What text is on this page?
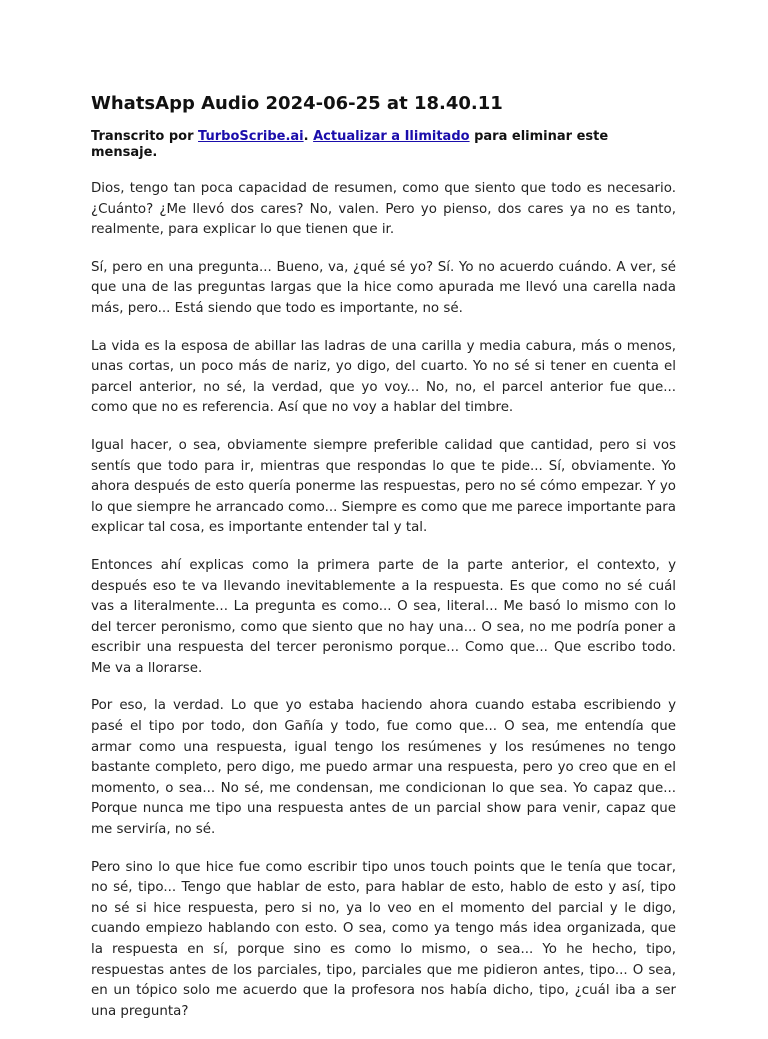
WhatsApp Audio 2024-06-25 at 18.40.11
Transcrito por TurboScribe.ai. Actualizar a Ilimitado para eliminar este mensaje.

Dios, tengo tan poca capacidad de resumen, como que siento que todo es necesario. ¿Cuánto? ¿Me llevó dos cares? No, valen. Pero yo pienso, dos cares ya no es tanto, realmente, para explicar lo que tienen que ir.

Sí, pero en una pregunta... Bueno, va, ¿qué sé yo? Sí. Yo no acuerdo cuándo. A ver, sé que una de las preguntas largas que la hice como apurada me llevó una carella nada más, pero... Está siendo que todo es importante, no sé.

La vida es la esposa de abillar las ladras de una carilla y media cabura, más o menos, unas cortas, un poco más de nariz, yo digo, del cuarto. Yo no sé si tener en cuenta el parcel anterior, no sé, la verdad, que yo voy... No, no, el parcel anterior fue que... como que no es referencia. Así que no voy a hablar del timbre.

Igual hacer, o sea, obviamente siempre preferible calidad que cantidad, pero si vos sentís que todo para ir, mientras que respondas lo que te pide... Sí, obviamente. Yo ahora después de esto quería ponerme las respuestas, pero no sé cómo empezar. Y yo lo que siempre he arrancado como... Siempre es como que me parece importante para explicar tal cosa, es importante entender tal y tal.

Entonces ahí explicas como la primera parte de la parte anterior, el contexto, y después eso te va llevando inevitablemente a la respuesta. Es que como no sé cuál vas a literalmente... La pregunta es como... O sea, literal... Me basó lo mismo con lo del tercer peronismo, como que siento que no hay una... O sea, no me podría poner a escribir una respuesta del tercer peronismo porque... Como que... Que escribo todo. Me va a llorarse.

Por eso, la verdad. Lo que yo estaba haciendo ahora cuando estaba escribiendo y pasé el tipo por todo, don Gañía y todo, fue como que... O sea, me entendía que armar como una respuesta, igual tengo los resúmenes y los resúmenes no tengo bastante completo, pero digo, me puedo armar una respuesta, pero yo creo que en el momento, o sea... No sé, me condensan, me condicionan lo que sea. Yo capaz que... Porque nunca me tipo una respuesta antes de un parcial show para venir, capaz que me serviría, no sé.

Pero sino lo que hice fue como escribir tipo unos touch points que le tenía que tocar, no sé, tipo... Tengo que hablar de esto, para hablar de esto, hablo de esto y así, tipo no sé si hice respuesta, pero si no, ya lo veo en el momento del parcial y le digo, cuando empiezo hablando con esto. O sea, como ya tengo más idea organizada, que la respuesta en sí, porque sino es como lo mismo, o sea... Yo he hecho, tipo, respuestas antes de los parciales, tipo, parciales que me pidieron antes, tipo... O sea, en un tópico solo me acuerdo que la profesora nos había dicho, tipo, ¿cuál iba a ser una pregunta?
